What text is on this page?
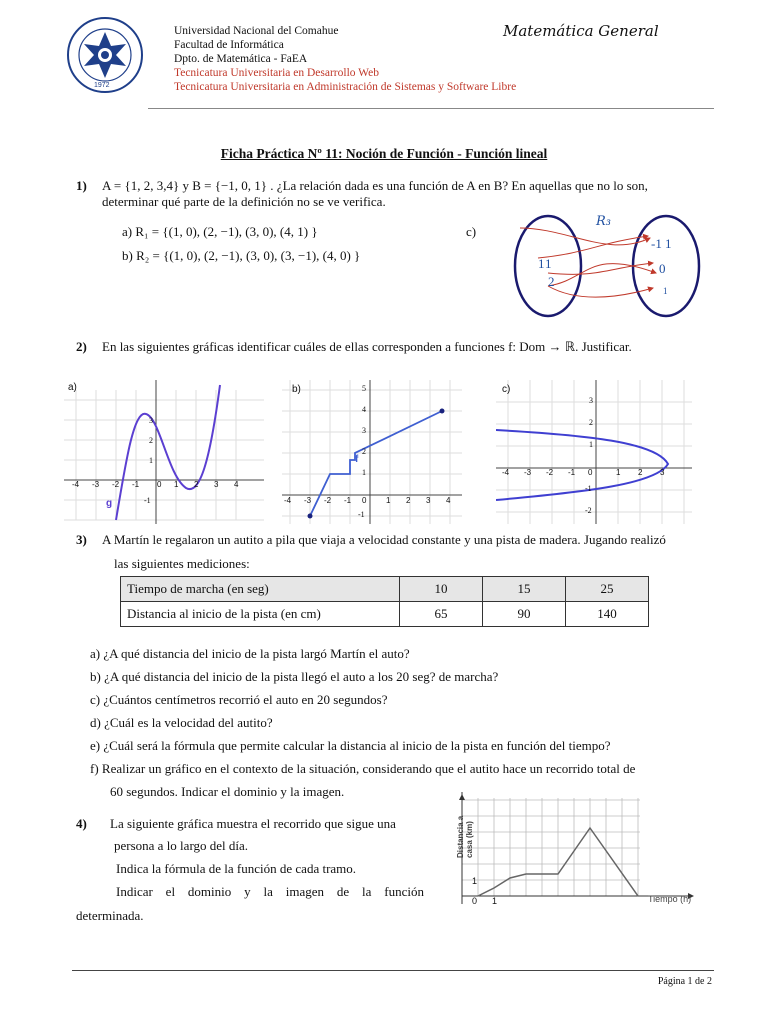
1972
Universidad Nacional del Comahue
Facultad de Informática
Dpto. de Matemática - FaEA
Tecnicatura Universitaria en Desarrollo Web
Tecnicatura Universitaria en Administración de Sistemas y Software Libre
Matemática General
Ficha Práctica Nº 11: Noción de Función - Función lineal
1) A = {1, 2, 3,4} y B = {−1, 0, 1} . ¿La relación dada es una función de A en B? En aquellas que no lo son,
determinar qué parte de la definición no se ve verifica.
a) R₁ = {(1, 0), (2, −1), (3, 0), (4, 1) }
b) R₂ = {(1, 0), (2, −1), (3, 0), (3, −1), (4, 0) }
c)
R₃
1 1
2
-1 1
0
1
2) En las siguientes gráficas identificar cuáles de ellas corresponden a funciones f: Dom → ℝ. Justificar.
a)
g
-4 -3 -2 -1 0 1 2 3 4
3
2
1
-1
b)
f
-4 -3 -2 -1 0 1 2 3 4
5
4
3
2
1
-1
c)
-4 -3 -2 -1 0	1 2 3
3
2
1
-1
-2
3) A Martín le regalaron un autito a pila que viaja a velocidad constante y una pista de madera. Jugando realizó
las siguientes mediciones:
Tiempo de marcha (en seg)	10	15	25
Distancia al inicio de la pista (en cm)	65	90	140
a) ¿A qué distancia del inicio de la pista largó Martín el auto?
b) ¿A qué distancia del inicio de la pista llegó el auto a los 20 seg? de marcha?
c) ¿Cuántos centímetros recorrió el auto en 20 segundos?
d) ¿Cuál es la velocidad del autito?
e) ¿Cuál será la fórmula que permite calcular la distancia al inicio de la pista en función del tiempo?
f) Realizar un gráfico en el contexto de la situación, considerando que el autito hace un recorrido total de
60 segundos. Indicar el dominio y la imagen.
4) La siguiente gráfica muestra el recorrido que sigue una
persona a lo largo del día.
Indica la fórmula de la función de cada tramo.
Indicar el dominio y la imagen de la función
determinada.
Distancia a casa (km)
Tiempo (h)
0 1
1
Página 1 de 2
